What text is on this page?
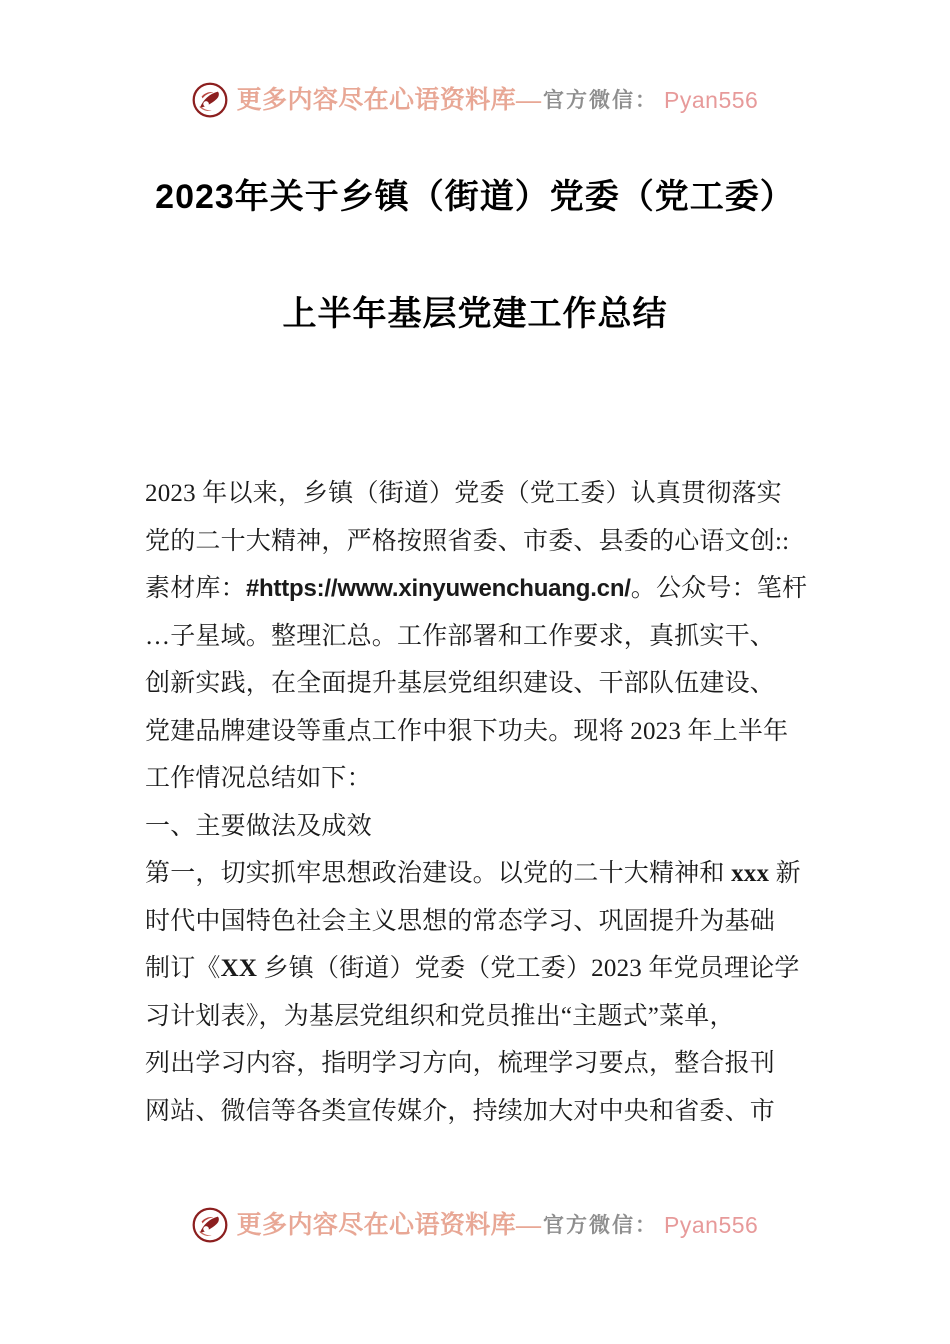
更多内容尽在心语资料库 — 官方微信： Pyan556
2023年关于乡镇（街道）党委（党工委）
上半年基层党建工作总结
2023 年以来，乡镇（街道）党委（党工委）认真贯彻落实
党的二十大精神，严格按照省委、市委、县委的心语文创::
素材库：#https://www.xinyuwenchuang.cn/。公众号：笔杆
…子星域。整理汇总。工作部署和工作要求，真抓实干、
创新实践，在全面提升基层党组织建设、干部队伍建设、
党建品牌建设等重点工作中狠下功夫。现将 2023 年上半年
工作情况总结如下：
一、主要做法及成效
第一，切实抓牢思想政治建设。以党的二十大精神和 xxx 新
时代中国特色社会主义思想的常态学习、巩固提升为基础
制订《XX 乡镇（街道）党委（党工委）2023 年党员理论学
习计划表》，为基层党组织和党员推出“主题式”菜单，
列出学习内容，指明学习方向，梳理学习要点，整合报刊
网站、微信等各类宣传媒介，持续加大对中央和省委、市
更多内容尽在心语资料库 — 官方微信： Pyan556
